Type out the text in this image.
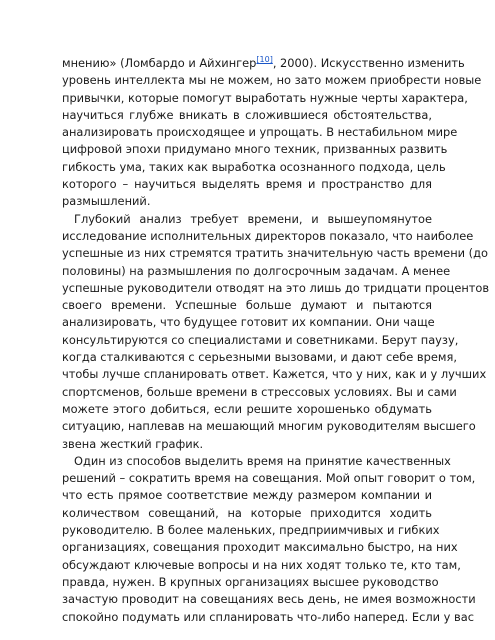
мнению» (Ломбардо и Айхингер[10], 2000). Искусственно изменить
уровень интеллекта мы не можем, но зато можем приобрести новые
привычки, которые помогут выработать нужные черты характера,
научиться глубже вникать в сложившиеся обстоятельства,
анализировать происходящее и упрощать. В нестабильном мире
цифровой эпохи придумано много техник, призванных развить
гибкость ума, таких как выработка осознанного подхода, цель
которого – научиться выделять время и пространство для
размышлений.
Глубокий анализ требует времени, и вышеупомянутое
исследование исполнительных директоров показало, что наиболее
успешные из них стремятся тратить значительную часть времени (до
половины) на размышления по долгосрочным задачам. А менее
успешные руководители отводят на это лишь до тридцати процентов
своего времени. Успешные больше думают и пытаются
анализировать, что будущее готовит их компании. Они чаще
консультируются со специалистами и советниками. Берут паузу,
когда сталкиваются с серьезными вызовами, и дают себе время,
чтобы лучше спланировать ответ. Кажется, что у них, как и у лучших
спортсменов, больше времени в стрессовых условиях. Вы и сами
можете этого добиться, если решите хорошенько обдумать
ситуацию, наплевав на мешающий многим руководителям высшего
звена жесткий график.
Один из способов выделить время на принятие качественных
решений – сократить время на совещания. Мой опыт говорит о том,
что есть прямое соответствие между размером компании и
количеством совещаний, на которые приходится ходить
руководителю. В более маленьких, предприимчивых и гибких
организациях, совещания проходит максимально быстро, на них
обсуждают ключевые вопросы и на них ходят только те, кто там,
правда, нужен. В крупных организациях высшее руководство
зачастую проводит на совещаниях весь день, не имея возможности
спокойно подумать или спланировать что-либо наперед. Если у вас
